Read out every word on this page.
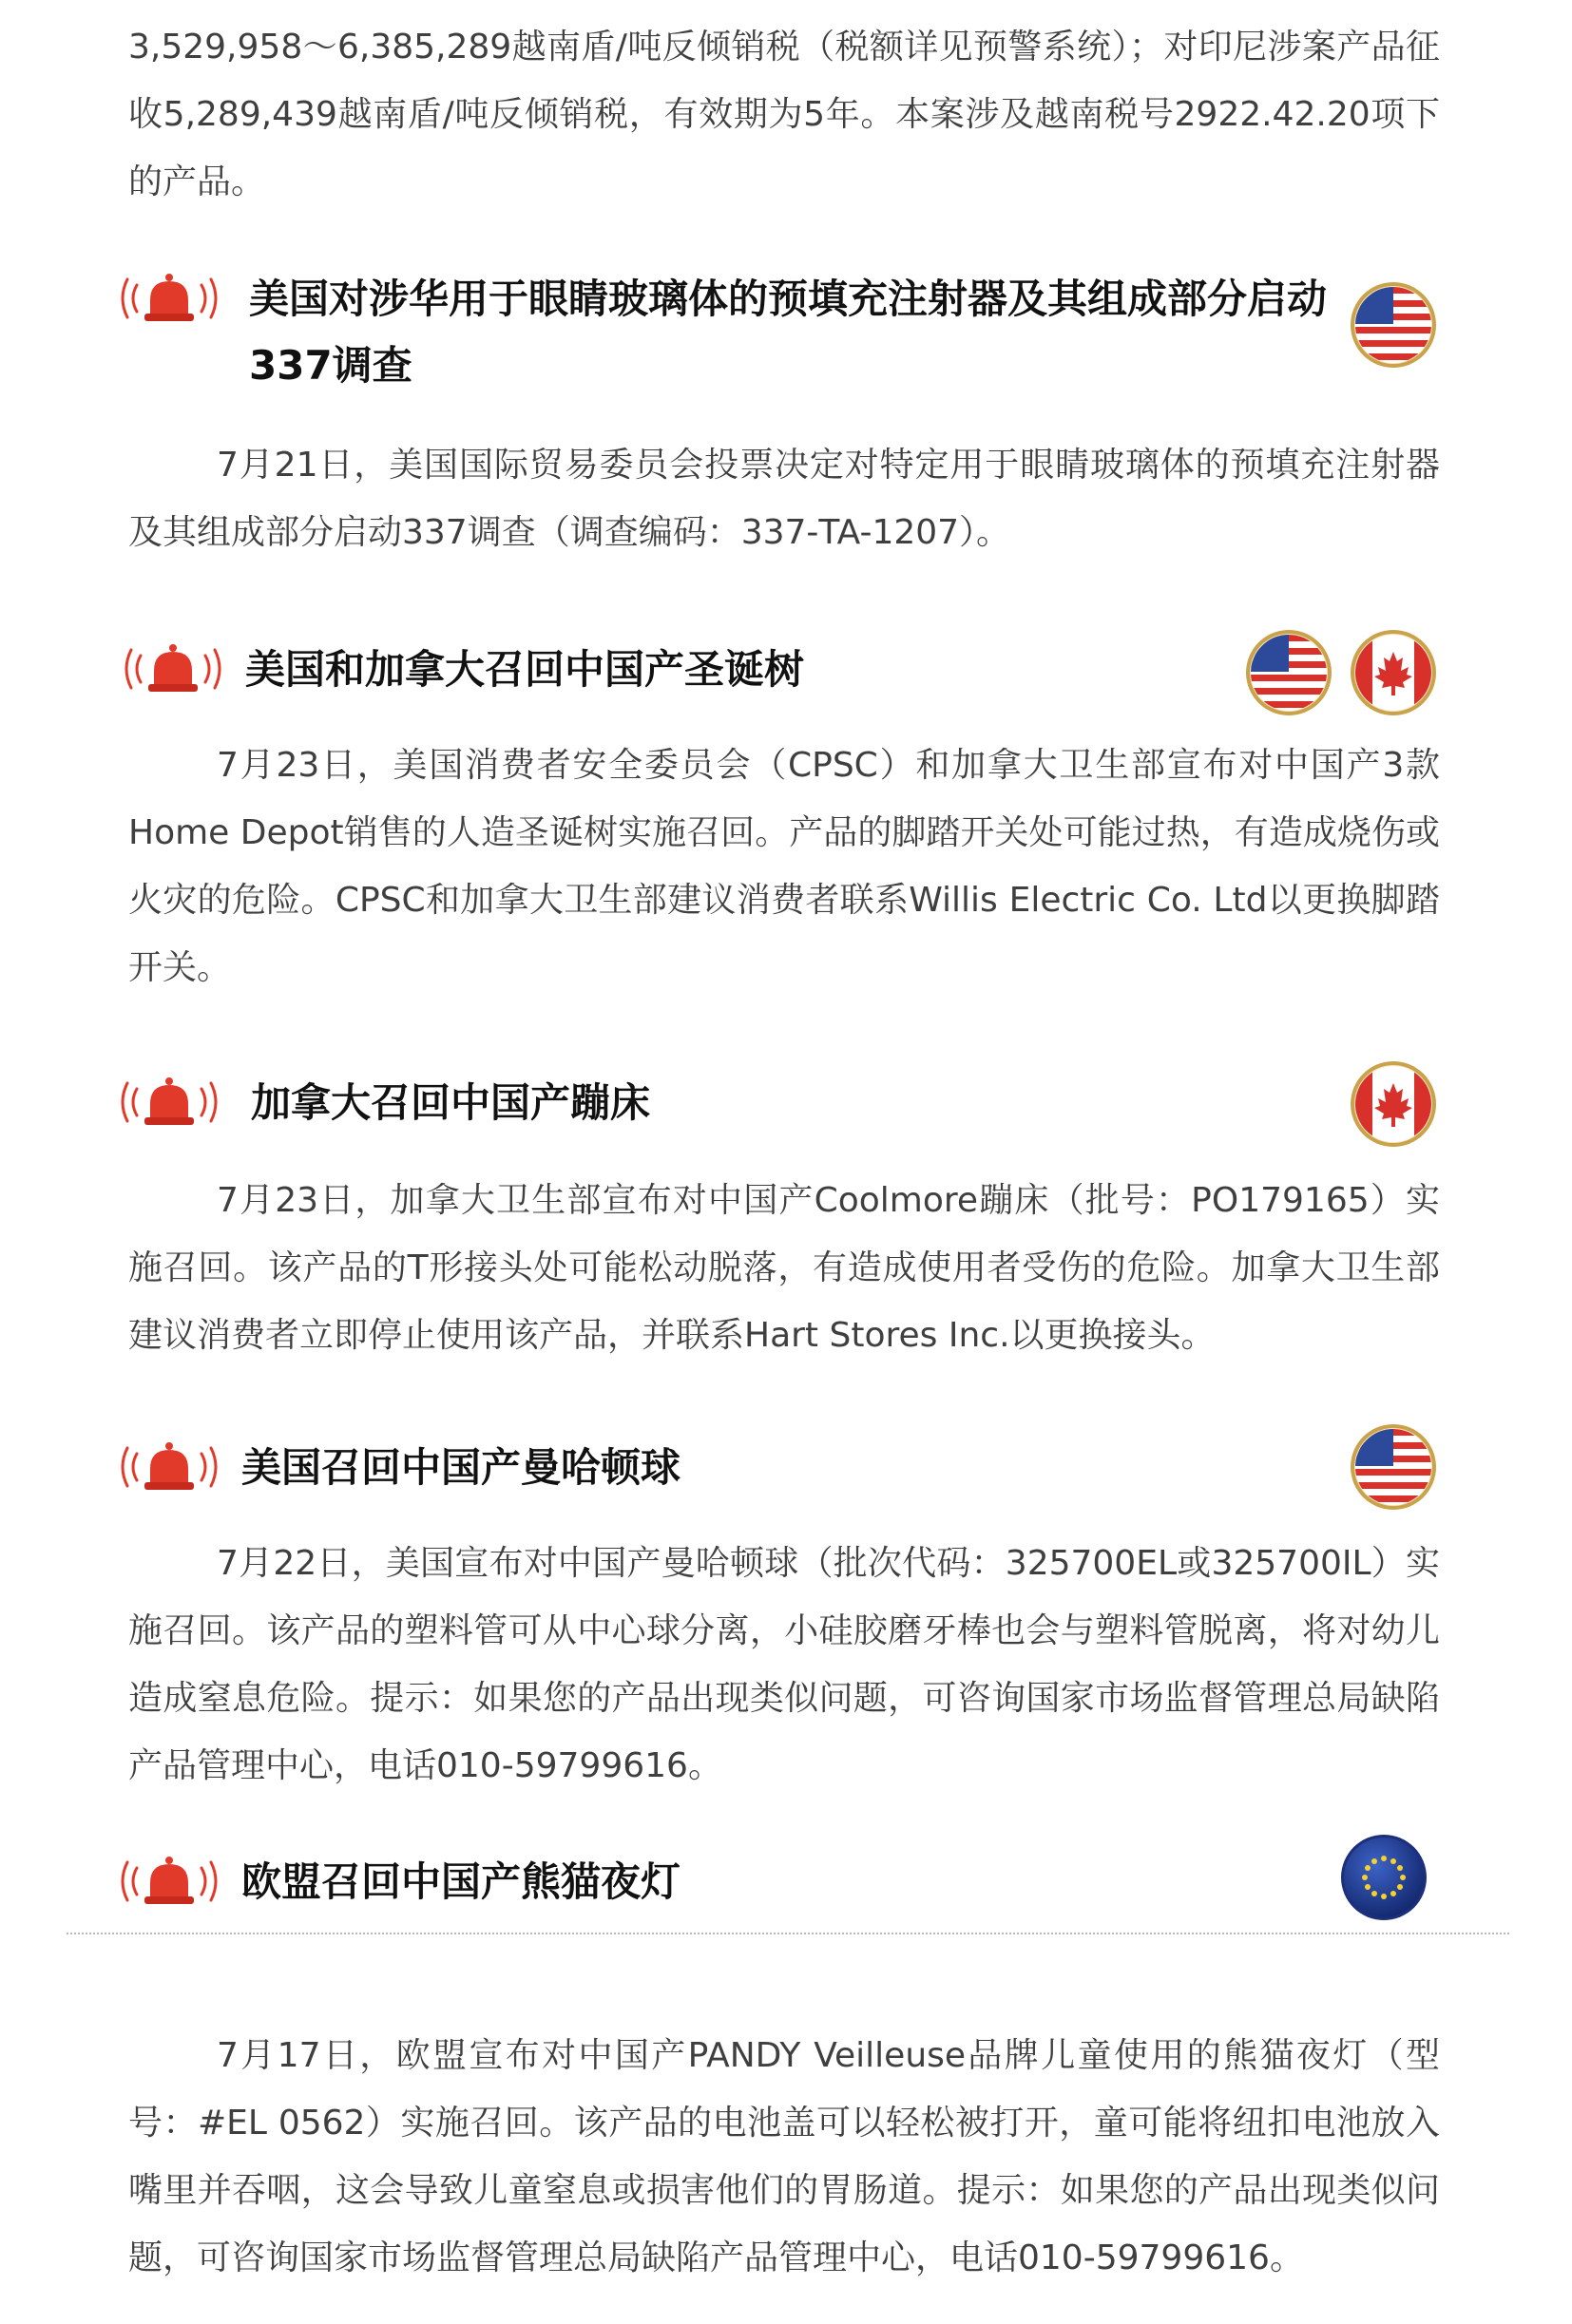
3,529,958～6,385,289越南盾/吨反倾销税（税额详见预警系统）；对印尼涉案产品征收5,289,439越南盾/吨反倾销税，有效期为5年。本案涉及越南税号2922.42.20项下的产品。

美国对涉华用于眼睛玻璃体的预填充注射器及其组成部分启动337调查

7月21日，美国国际贸易委员会投票决定对特定用于眼睛玻璃体的预填充注射器及其组成部分启动337调查（调查编码：337-TA-1207）。

美国和加拿大召回中国产圣诞树

7月23日，美国消费者安全委员会（CPSC）和加拿大卫生部宣布对中国产3款Home Depot销售的人造圣诞树实施召回。产品的脚踏开关处可能过热，有造成烧伤或火灾的危险。CPSC和加拿大卫生部建议消费者联系Willis Electric Co. Ltd以更换脚踏开关。

加拿大召回中国产蹦床

7月23日，加拿大卫生部宣布对中国产Coolmore蹦床（批号：PO179165）实施召回。该产品的T形接头处可能松动脱落，有造成使用者受伤的危险。加拿大卫生部建议消费者立即停止使用该产品，并联系Hart Stores Inc.以更换接头。

美国召回中国产曼哈顿球

7月22日，美国宣布对中国产曼哈顿球（批次代码：325700EL或325700IL）实施召回。该产品的塑料管可从中心球分离，小硅胶磨牙棒也会与塑料管脱离，将对幼儿造成窒息危险。提示：如果您的产品出现类似问题，可咨询国家市场监督管理总局缺陷产品管理中心，电话010-59799616。

欧盟召回中国产熊猫夜灯

7月17日，欧盟宣布对中国产PANDY Veilleuse品牌儿童使用的熊猫夜灯（型号：#EL 0562）实施召回。该产品的电池盖可以轻松被打开，童可能将纽扣电池放入嘴里并吞咽，这会导致儿童窒息或损害他们的胃肠道。提示：如果您的产品出现类似问题，可咨询国家市场监督管理总局缺陷产品管理中心，电话010-59799616。
